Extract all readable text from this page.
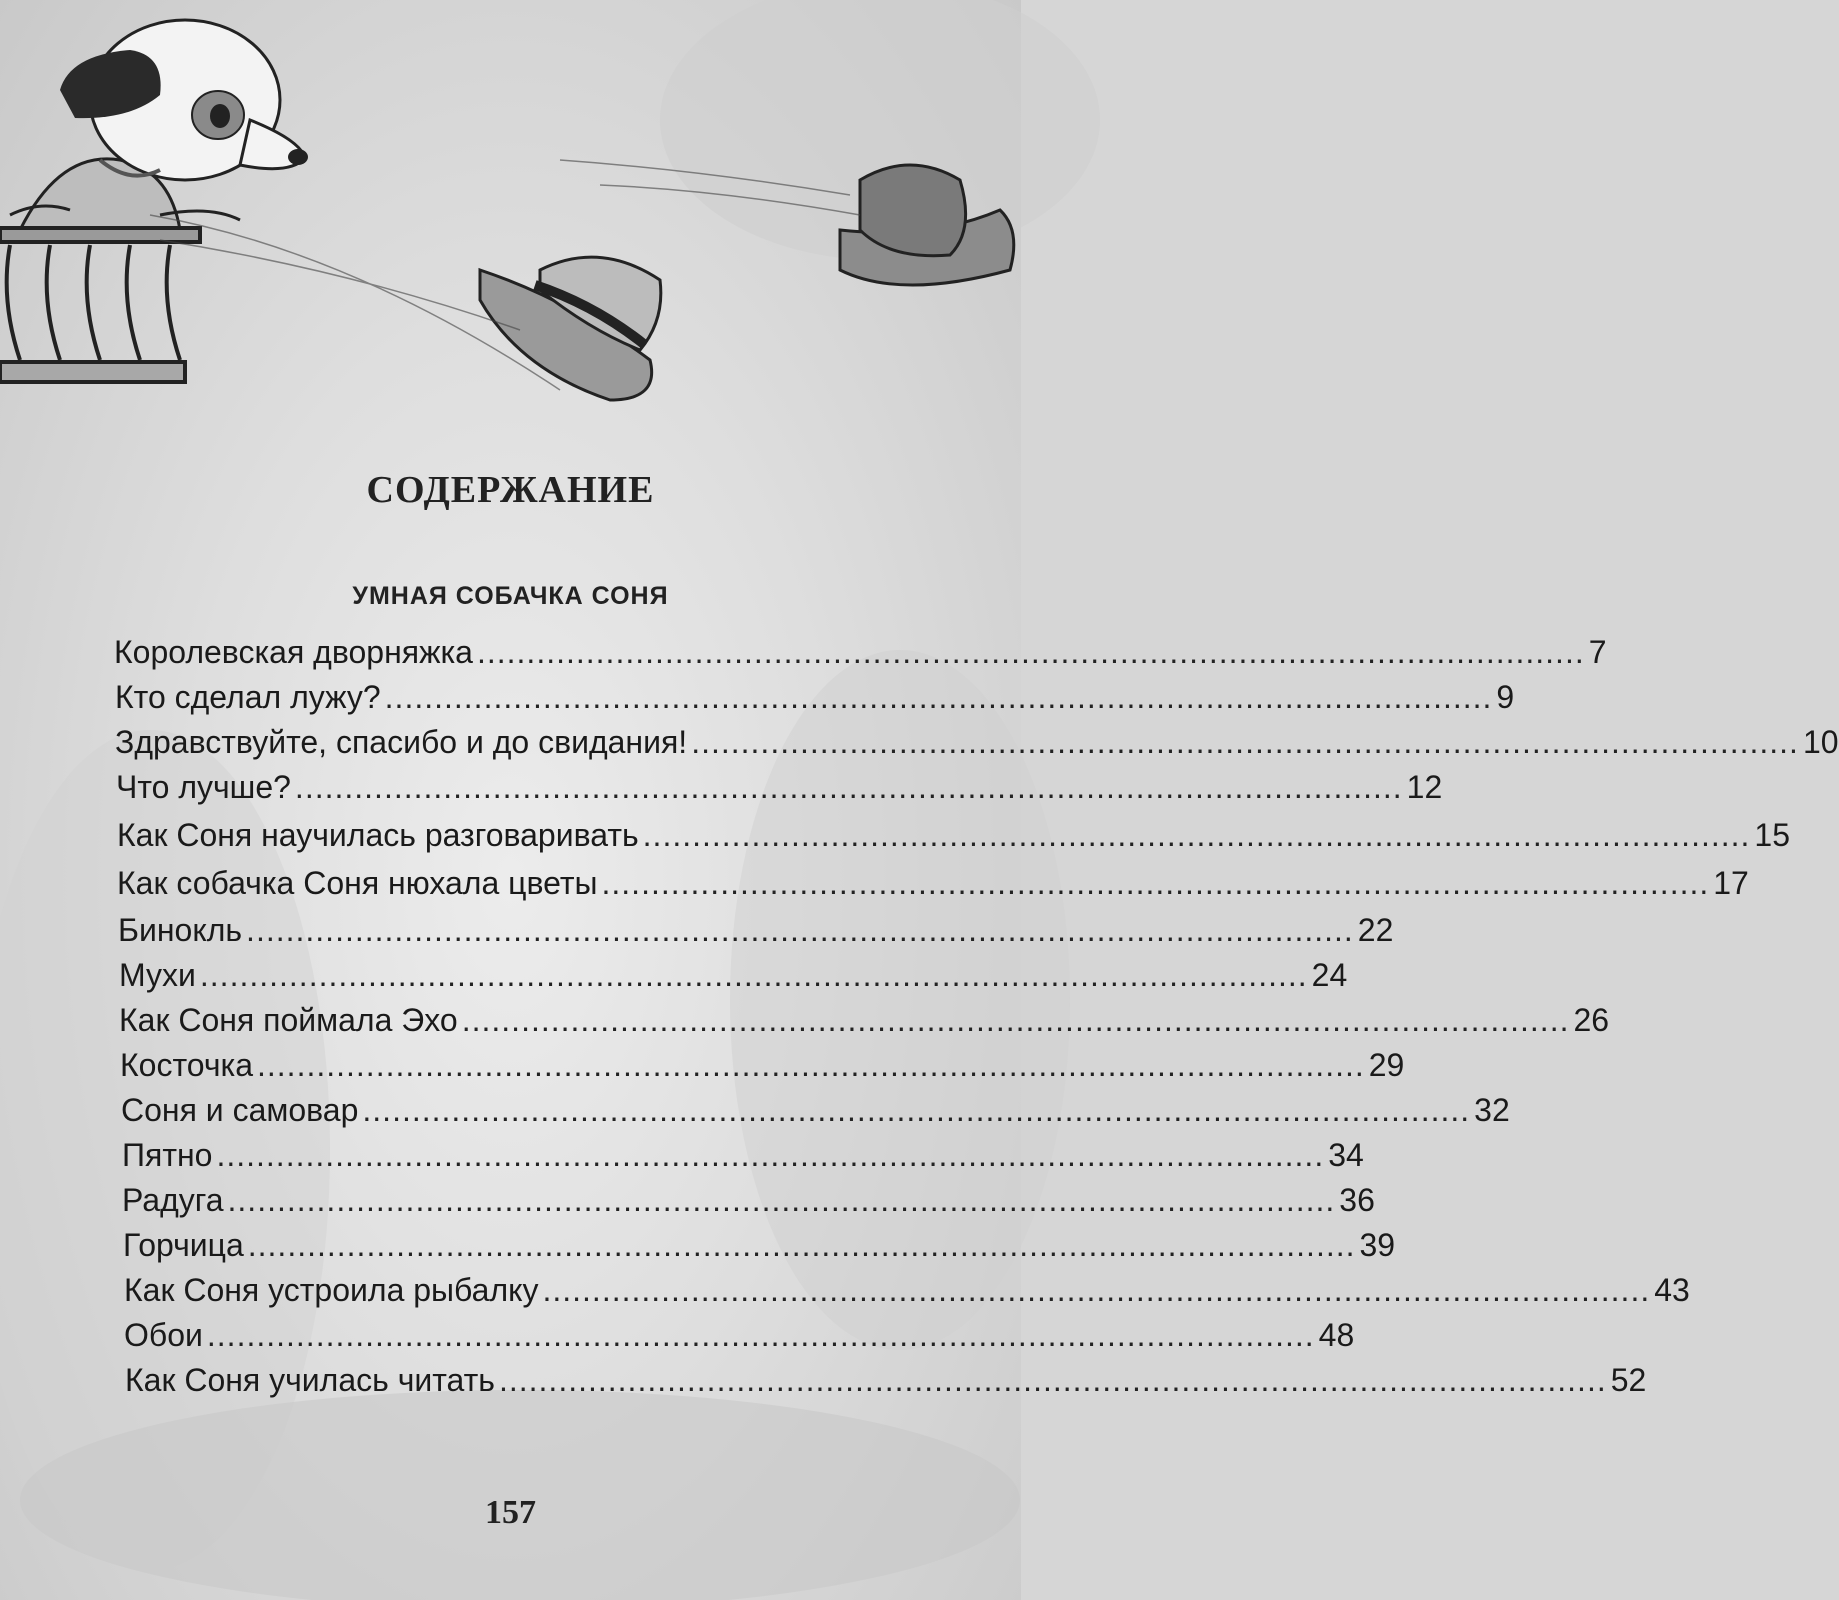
СОДЕРЖАНИЕ
УМНАЯ СОБАЧКА СОНЯ
Королевская дворняжка ................................................................................................................ 7
Кто сделал лужу? ................................................................................................................ 9
Здравствуйте, спасибо и до свидания! ................................................................................................................ 10
Что лучше? ................................................................................................................ 12
Как Соня научилась разговаривать ................................................................................................................ 15
Как собачка Соня нюхала цветы ................................................................................................................ 17
Бинокль ................................................................................................................ 22
Мухи ................................................................................................................ 24
Как Соня поймала Эхо ................................................................................................................ 26
Косточка ................................................................................................................ 29
Соня и самовар ................................................................................................................ 32
Пятно ................................................................................................................ 34
Радуга ................................................................................................................ 36
Горчица ................................................................................................................ 39
Как Соня устроила рыбалку ................................................................................................................ 43
Обои ................................................................................................................ 48
Как Соня училась читать ................................................................................................................ 52
157
